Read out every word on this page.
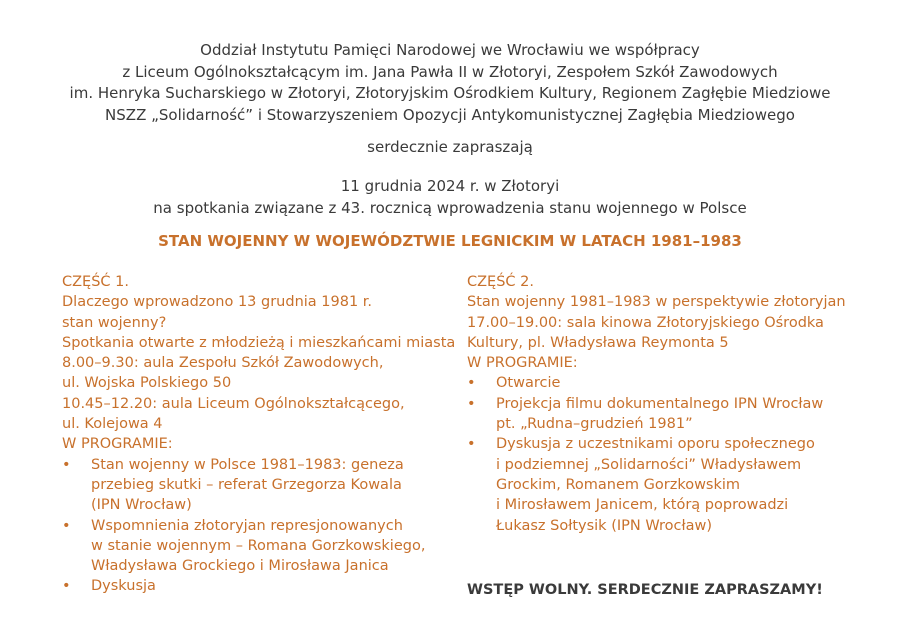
Oddział Instytutu Pamięci Narodowej we Wrocławiu we współpracy
z Liceum Ogólnokształcącym im. Jana Pawła II w Złotoryi, Zespołem Szkół Zawodowych
im. Henryka Sucharskiego w Złotoryi, Złotoryjskim Ośrodkiem Kultury, Regionem Zagłębie Miedziowe
NSZZ „Solidarność” i Stowarzyszeniem Opozycji Antykomunistycznej Zagłębia Miedziowego
serdecznie zapraszają
11 grudnia 2024 r. w Złotoryi
na spotkania związane z 43. rocznicą wprowadzenia stanu wojennego w Polsce
STAN WOJENNY W WOJEWÓDZTWIE LEGNICKIM W LATACH 1981–1983
CZĘŚĆ 1.
Dlaczego wprowadzono 13 grudnia 1981 r.
stan wojenny?
Spotkania otwarte z młodzieżą i mieszkańcami miasta
8.00–9.30: aula Zespołu Szkół Zawodowych,
ul. Wojska Polskiego 50
10.45–12.20: aula Liceum Ogólnokształcącego,
ul. Kolejowa 4
W PROGRAMIE:
• Stan wojenny w Polsce 1981–1983: geneza
przebieg skutki – referat Grzegorza Kowala
(IPN Wrocław)
• Wspomnienia złotoryjan represjonowanych
w stanie wojennym – Romana Gorzkowskiego,
Władysława Grockiego i Mirosława Janica
• Dyskusja
CZĘŚĆ 2.
Stan wojenny 1981–1983 w perspektywie złotoryjan
17.00–19.00: sala kinowa Złotoryjskiego Ośrodka
Kultury, pl. Władysława Reymonta 5
W PROGRAMIE:
• Otwarcie
• Projekcja filmu dokumentalnego IPN Wrocław
pt. „Rudna–grudzień 1981”
• Dyskusja z uczestnikami oporu społecznego
i podziemnej „Solidarności” Władysławem
Grockim, Romanem Gorzkowskim
i Mirosławem Janicem, którą poprowadzi
Łukasz Sołtysik (IPN Wrocław)
WSTĘP WOLNY. SERDECZNIE ZAPRASZAMY!
